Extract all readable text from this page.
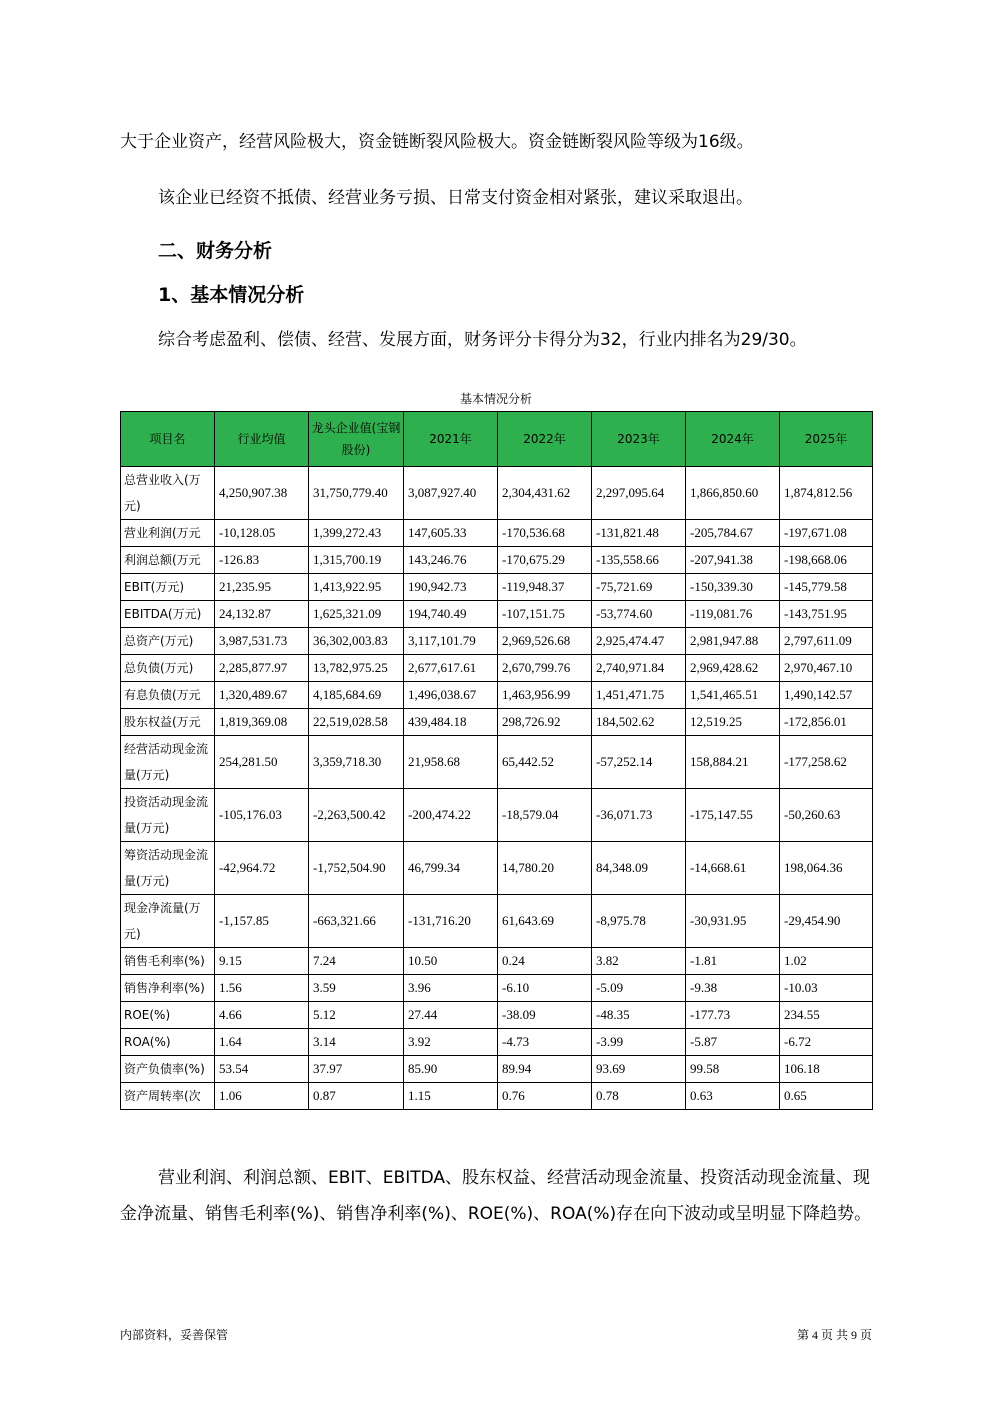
大于企业资产，经营风险极大，资金链断裂风险极大。资金链断裂风险等级为16级。

该企业已经资不抵债、经营业务亏损、日常支付资金相对紧张，建议采取退出。

二、财务分析
1、基本情况分析

综合考虑盈利、偿债、经营、发展方面，财务评分卡得分为32，行业内排名为29/30。

基本情况分析
项目名	行业均值	龙头企业值(宝钢股份)	2021年	2022年	2023年	2024年	2025年
总营业收入(万元)	4,250,907.38	31,750,779.40	3,087,927.40	2,304,431.62	2,297,095.64	1,866,850.60	1,874,812.56
营业利润(万元	-10,128.05	1,399,272.43	147,605.33	-170,536.68	-131,821.48	-205,784.67	-197,671.08
利润总额(万元	-126.83	1,315,700.19	143,246.76	-170,675.29	-135,558.66	-207,941.38	-198,668.06
EBIT(万元)	21,235.95	1,413,922.95	190,942.73	-119,948.37	-75,721.69	-150,339.30	-145,779.58
EBITDA(万元)	24,132.87	1,625,321.09	194,740.49	-107,151.75	-53,774.60	-119,081.76	-143,751.95
总资产(万元)	3,987,531.73	36,302,003.83	3,117,101.79	2,969,526.68	2,925,474.47	2,981,947.88	2,797,611.09
总负债(万元)	2,285,877.97	13,782,975.25	2,677,617.61	2,670,799.76	2,740,971.84	2,969,428.62	2,970,467.10
有息负债(万元	1,320,489.67	4,185,684.69	1,496,038.67	1,463,956.99	1,451,471.75	1,541,465.51	1,490,142.57
股东权益(万元	1,819,369.08	22,519,028.58	439,484.18	298,726.92	184,502.62	12,519.25	-172,856.01
经营活动现金流量(万元)	254,281.50	3,359,718.30	21,958.68	65,442.52	-57,252.14	158,884.21	-177,258.62
投资活动现金流量(万元)	-105,176.03	-2,263,500.42	-200,474.22	-18,579.04	-36,071.73	-175,147.55	-50,260.63
筹资活动现金流量(万元)	-42,964.72	-1,752,504.90	46,799.34	14,780.20	84,348.09	-14,668.61	198,064.36
现金净流量(万元)	-1,157.85	-663,321.66	-131,716.20	61,643.69	-8,975.78	-30,931.95	-29,454.90
销售毛利率(%)	9.15	7.24	10.50	0.24	3.82	-1.81	1.02
销售净利率(%)	1.56	3.59	3.96	-6.10	-5.09	-9.38	-10.03
ROE(%)	4.66	5.12	27.44	-38.09	-48.35	-177.73	234.55
ROA(%)	1.64	3.14	3.92	-4.73	-3.99	-5.87	-6.72
资产负债率(%)	53.54	37.97	85.90	89.94	93.69	99.58	106.18
资产周转率(次	1.06	0.87	1.15	0.76	0.78	0.63	0.65

营业利润、利润总额、EBIT、EBITDA、股东权益、经营活动现金流量、投资活动现金流量、现金净流量、销售毛利率(%)、销售净利率(%)、ROE(%)、ROA(%)存在向下波动或呈明显下降趋势。

内部资料，妥善保管	第 4 页 共 9 页
